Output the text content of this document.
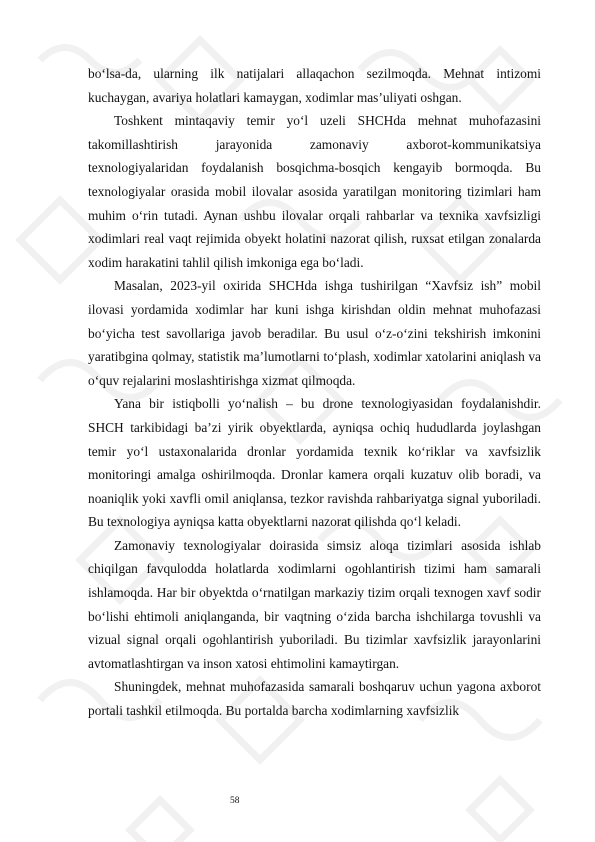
bo‘lsa-da, ularning ilk natijalari allaqachon sezilmoqda. Mehnat intizomi kuchaygan, avariya holatlari kamaygan, xodimlar mas’uliyati oshgan.

Toshkent mintaqaviy temir yo‘l uzeli SHCHda mehnat muhofazasini takomillashtirish jarayonida zamonaviy axborot-kommunikatsiya texnologiyalaridan foydalanish bosqichma-bosqich kengayib bormoqda. Bu texnologiyalar orasida mobil ilovalar asosida yaratilgan monitoring tizimlari ham muhim o‘rin tutadi. Aynan ushbu ilovalar orqali rahbarlar va texnika xavfsizligi xodimlari real vaqt rejimida obyekt holatini nazorat qilish, ruxsat etilgan zonalarda xodim harakatini tahlil qilish imkoniga ega bo‘ladi.

Masalan, 2023-yil oxirida SHCHda ishga tushirilgan “Xavfsiz ish” mobil ilovasi yordamida xodimlar har kuni ishga kirishdan oldin mehnat muhofazasi bo‘yicha test savollariga javob beradilar. Bu usul o‘z-o‘zini tekshirish imkonini yaratibgina qolmay, statistik ma’lumotlarni to‘plash, xodimlar xatolarini aniqlash va o‘quv rejalarini moslashtirishga xizmat qilmoqda.

Yana bir istiqbolli yo‘nalish – bu drone texnologiyasidan foydalanishdir. SHCH tarkibidagi ba’zi yirik obyektlarda, ayniqsa ochiq hududlarda joylashgan temir yo‘l ustaxonalarida dronlar yordamida texnik ko‘riklar va xavfsizlik monitoringi amalga oshirilmoqda. Dronlar kamera orqali kuzatuv olib boradi, va noaniqlik yoki xavfli omil aniqlansa, tezkor ravishda rahbariyatga signal yuboriladi. Bu texnologiya ayniqsa katta obyektlarni nazorat qilishda qo‘l keladi.

Zamonaviy texnologiyalar doirasida simsiz aloqa tizimlari asosida ishlab chiqilgan favqulodda holatlarda xodimlarni ogohlantirish tizimi ham samarali ishlamoqda. Har bir obyektda o‘rnatilgan markaziy tizim orqali texnogen xavf sodir bo‘lishi ehtimoli aniqlanganda, bir vaqtning o‘zida barcha ishchilarga tovushli va vizual signal orqali ogohlantirish yuboriladi. Bu tizimlar xavfsizlik jarayonlarini avtomatlashtirgan va inson xatosi ehtimolini kamaytirgan.

Shuningdek, mehnat muhofazasida samarali boshqaruv uchun yagona axborot portali tashkil etilmoqda. Bu portalda barcha xodimlarning xavfsizlik

58
